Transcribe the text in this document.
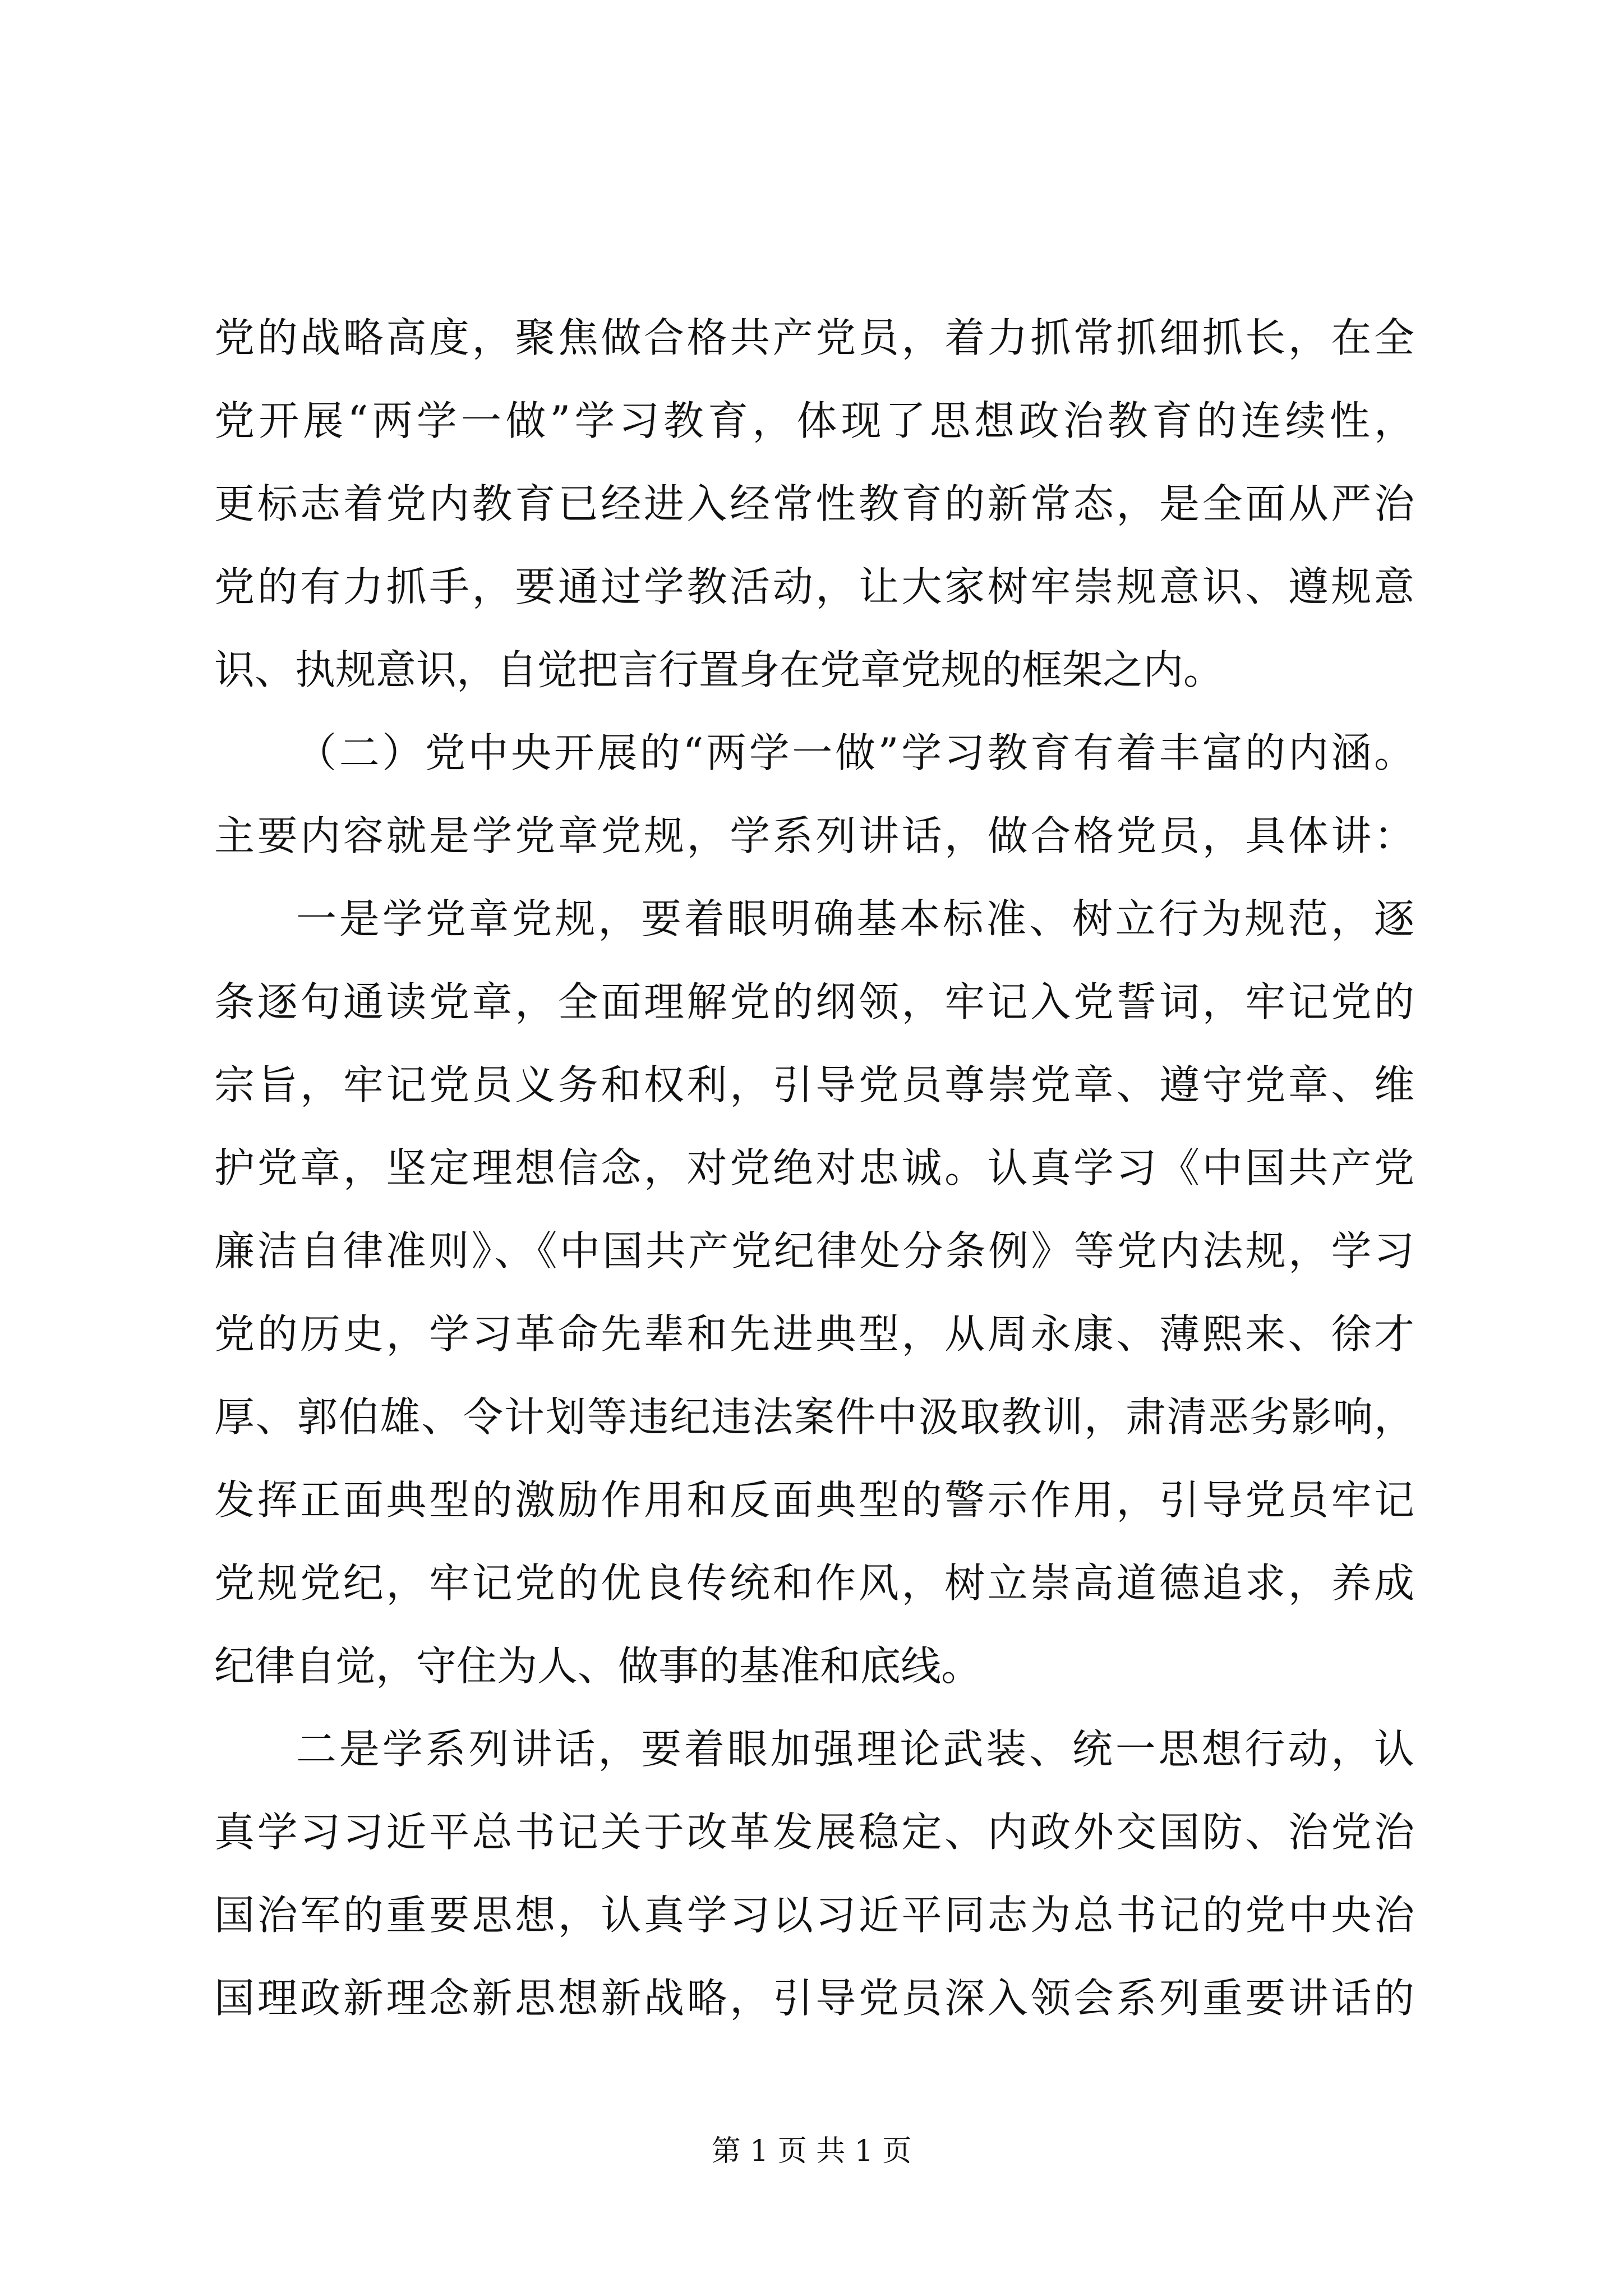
党的战略高度，聚焦做合格共产党员，着力抓常抓细抓长，在全
党开展“两学一做”学习教育，体现了思想政治教育的连续性，
更标志着党内教育已经进入经常性教育的新常态，是全面从严治
党的有力抓手，要通过学教活动，让大家树牢崇规意识、遵规意
识、执规意识，自觉把言行置身在党章党规的框架之内。
（二）党中央开展的“两学一做”学习教育有着丰富的内涵。
主要内容就是学党章党规，学系列讲话，做合格党员，具体讲：
一是学党章党规，要着眼明确基本标准、树立行为规范，逐
条逐句通读党章，全面理解党的纲领，牢记入党誓词，牢记党的
宗旨，牢记党员义务和权利，引导党员尊崇党章、遵守党章、维
护党章，坚定理想信念，对党绝对忠诚。认真学习《中国共产党
廉洁自律准则》、《中国共产党纪律处分条例》等党内法规，学习
党的历史，学习革命先辈和先进典型，从周永康、薄熙来、徐才
厚、郭伯雄、令计划等违纪违法案件中汲取教训，肃清恶劣影响，
发挥正面典型的激励作用和反面典型的警示作用，引导党员牢记
党规党纪，牢记党的优良传统和作风，树立崇高道德追求，养成
纪律自觉，守住为人、做事的基准和底线。
二是学系列讲话，要着眼加强理论武装、统一思想行动，认
真学习习近平总书记关于改革发展稳定、内政外交国防、治党治
国治军的重要思想，认真学习以习近平同志为总书记的党中央治
国理政新理念新思想新战略，引导党员深入领会系列重要讲话的
第 1 页 共 1 页
